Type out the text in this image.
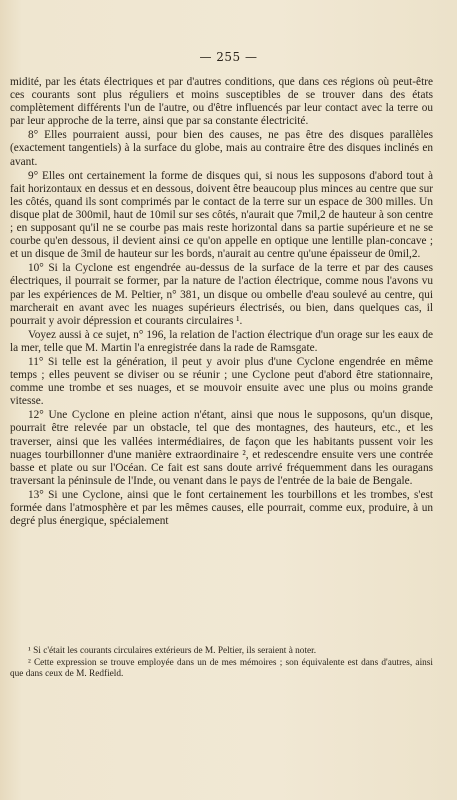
— 255 —

midité, par les états électriques et par d'autres conditions, que dans ces régions où peut-être ces courants sont plus réguliers et moins susceptibles de se trouver dans des états complètement différents l'un de l'autre, ou d'être influencés par leur contact avec la terre ou par leur approche de la terre, ainsi que par sa constante électricité.

8° Elles pourraient aussi, pour bien des causes, ne pas être des disques parallèles (exactement tangentiels) à la surface du globe, mais au contraire être des disques inclinés en avant.

9° Elles ont certainement la forme de disques qui, si nous les supposons d'abord tout à fait horizontaux en dessus et en dessous, doivent être beaucoup plus minces au centre que sur les côtés, quand ils sont comprimés par le contact de la terre sur un espace de 300 milles. Un disque plat de 300mil, haut de 10mil sur ses côtés, n'aurait que 7mil,2 de hauteur à son centre ; en supposant qu'il ne se courbe pas mais reste horizontal dans sa partie supérieure et ne se courbe qu'en dessous, il devient ainsi ce qu'on appelle en optique une lentille plan-concave ; et un disque de 3mil de hauteur sur les bords, n'aurait au centre qu'une épaisseur de 0mil,2.

10° Si la Cyclone est engendrée au-dessus de la surface de la terre et par des causes électriques, il pourrait se former, par la nature de l'action électrique, comme nous l'avons vu par les expériences de M. Peltier, n° 381, un disque ou ombelle d'eau soulevé au centre, qui marcherait en avant avec les nuages supérieurs électrisés, ou bien, dans quelques cas, il pourrait y avoir dépression et courants circulaires ¹.

Voyez aussi à ce sujet, n° 196, la relation de l'action électrique d'un orage sur les eaux de la mer, telle que M. Martin l'a enregistrée dans la rade de Ramsgate.

11° Si telle est la génération, il peut y avoir plus d'une Cyclone engendrée en même temps ; elles peuvent se diviser ou se réunir ; une Cyclone peut d'abord être stationnaire, comme une trombe et ses nuages, et se mouvoir ensuite avec une plus ou moins grande vitesse.

12° Une Cyclone en pleine action n'étant, ainsi que nous le supposons, qu'un disque, pourrait être relevée par un obstacle, tel que des montagnes, des hauteurs, etc., et les traverser, ainsi que les vallées intermédiaires, de façon que les habitants pussent voir les nuages tourbillonner d'une manière extraordinaire ², et redescendre ensuite vers une contrée basse et plate ou sur l'Océan. Ce fait est sans doute arrivé fréquemment dans les ouragans traversant la péninsule de l'Inde, ou venant dans le pays de l'entrée de la baie de Bengale.

13° Si une Cyclone, ainsi que le font certainement les tourbillons et les trombes, s'est formée dans l'atmosphère et par les mêmes causes, elle pourrait, comme eux, produire, à un degré plus énergique, spécialement

¹ Si c'était les courants circulaires extérieurs de M. Peltier, ils seraient à noter.

² Cette expression se trouve employée dans un de mes mémoires ; son équivalente est dans d'autres, ainsi que dans ceux de M. Redfield.
